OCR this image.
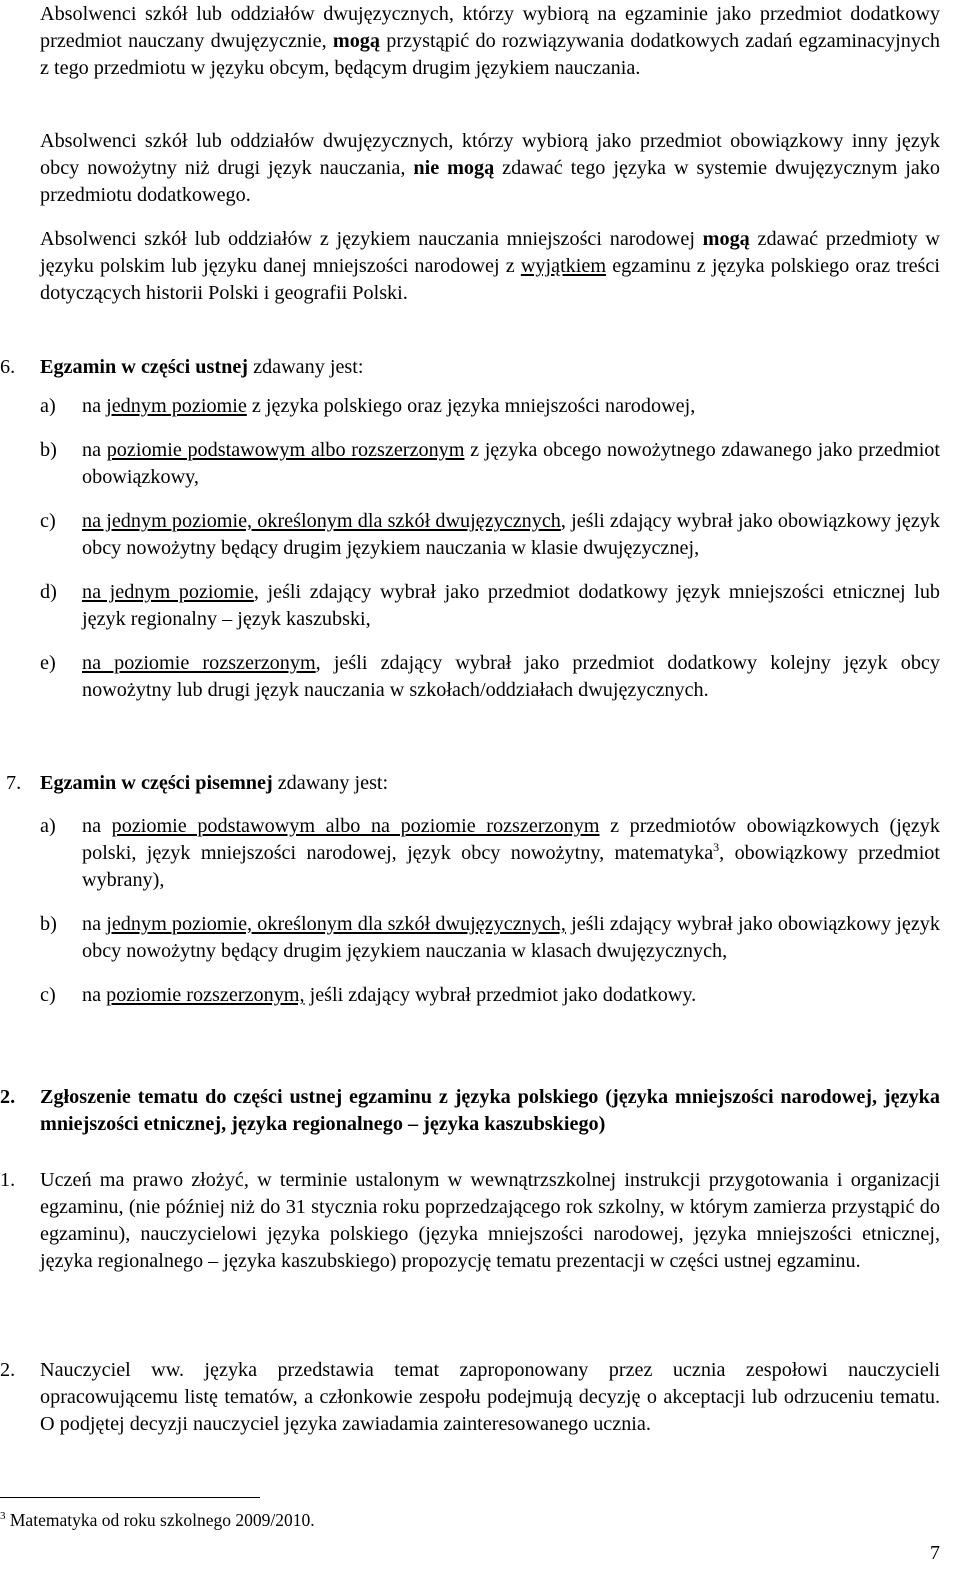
Absolwenci szkół lub oddziałów dwujęzycznych, którzy wybiorą na egzaminie jako przedmiot dodatkowy przedmiot nauczany dwujęzycznie, mogą przystąpić do rozwiązywania dodatkowych zadań egzaminacyjnych z tego przedmiotu w języku obcym, będącym drugim językiem nauczania.

Absolwenci szkół lub oddziałów dwujęzycznych, którzy wybiorą jako przedmiot obowiązkowy inny język obcy nowożytny niż drugi język nauczania, nie mogą zdawać tego języka w systemie dwujęzycznym jako przedmiotu dodatkowego.

Absolwenci szkół lub oddziałów z językiem nauczania mniejszości narodowej mogą zdawać przedmioty w języku polskim lub języku danej mniejszości narodowej z wyjątkiem egzaminu z języka polskiego oraz treści dotyczących historii Polski i geografii Polski.

6. Egzamin w części ustnej zdawany jest:

a) na jednym poziomie z języka polskiego oraz języka mniejszości narodowej,
b) na poziomie podstawowym albo rozszerzonym z języka obcego nowożytnego zdawanego jako przedmiot obowiązkowy,
c) na jednym poziomie, określonym dla szkół dwujęzycznych, jeśli zdający wybrał jako obowiązkowy język obcy nowożytny będący drugim językiem nauczania w klasie dwujęzycznej,
d) na jednym poziomie, jeśli zdający wybrał jako przedmiot dodatkowy język mniejszości etnicznej lub język regionalny – język kaszubski,
e) na poziomie rozszerzonym, jeśli zdający wybrał jako przedmiot dodatkowy kolejny język obcy nowożytny lub drugi język nauczania w szkołach/oddziałach dwujęzycznych.

7. Egzamin w części pisemnej zdawany jest:

a) na poziomie podstawowym albo na poziomie rozszerzonym z przedmiotów obowiązkowych (język polski, język mniejszości narodowej, język obcy nowożytny, matematyka$^3$, obowiązkowy przedmiot wybrany),
b) na jednym poziomie, określonym dla szkół dwujęzycznych, jeśli zdający wybrał jako obowiązkowy język obcy nowożytny będący drugim językiem nauczania w klasach dwujęzycznych,
c) na poziomie rozszerzonym, jeśli zdający wybrał przedmiot jako dodatkowy.
2. Zgłoszenie tematu do części ustnej egzaminu z języka polskiego (języka mniejszości narodowej, języka mniejszości etnicznej, języka regionalnego – języka kaszubskiego)
1. Uczeń ma prawo złożyć, w terminie ustalonym w wewnątrzszkolnej instrukcji przygotowania i organizacji egzaminu, (nie później niż do 31 stycznia roku poprzedzającego rok szkolny, w którym zamierza przystąpić do egzaminu), nauczycielowi języka polskiego (języka mniejszości narodowej, języka mniejszości etnicznej, języka regionalnego – języka kaszubskiego) propozycję tematu prezentacji w części ustnej egzaminu.

2. Nauczyciel ww. języka przedstawia temat zaproponowany przez ucznia zespołowi nauczycieli opracowującemu listę tematów, a członkowie zespołu podejmują decyzję o akceptacji lub odrzuceniu tematu. O podjętej decyzji nauczyciel języka zawiadamia zainteresowanego ucznia.

$^3$ Matematyka od roku szkolnego 2009/2010.
7
